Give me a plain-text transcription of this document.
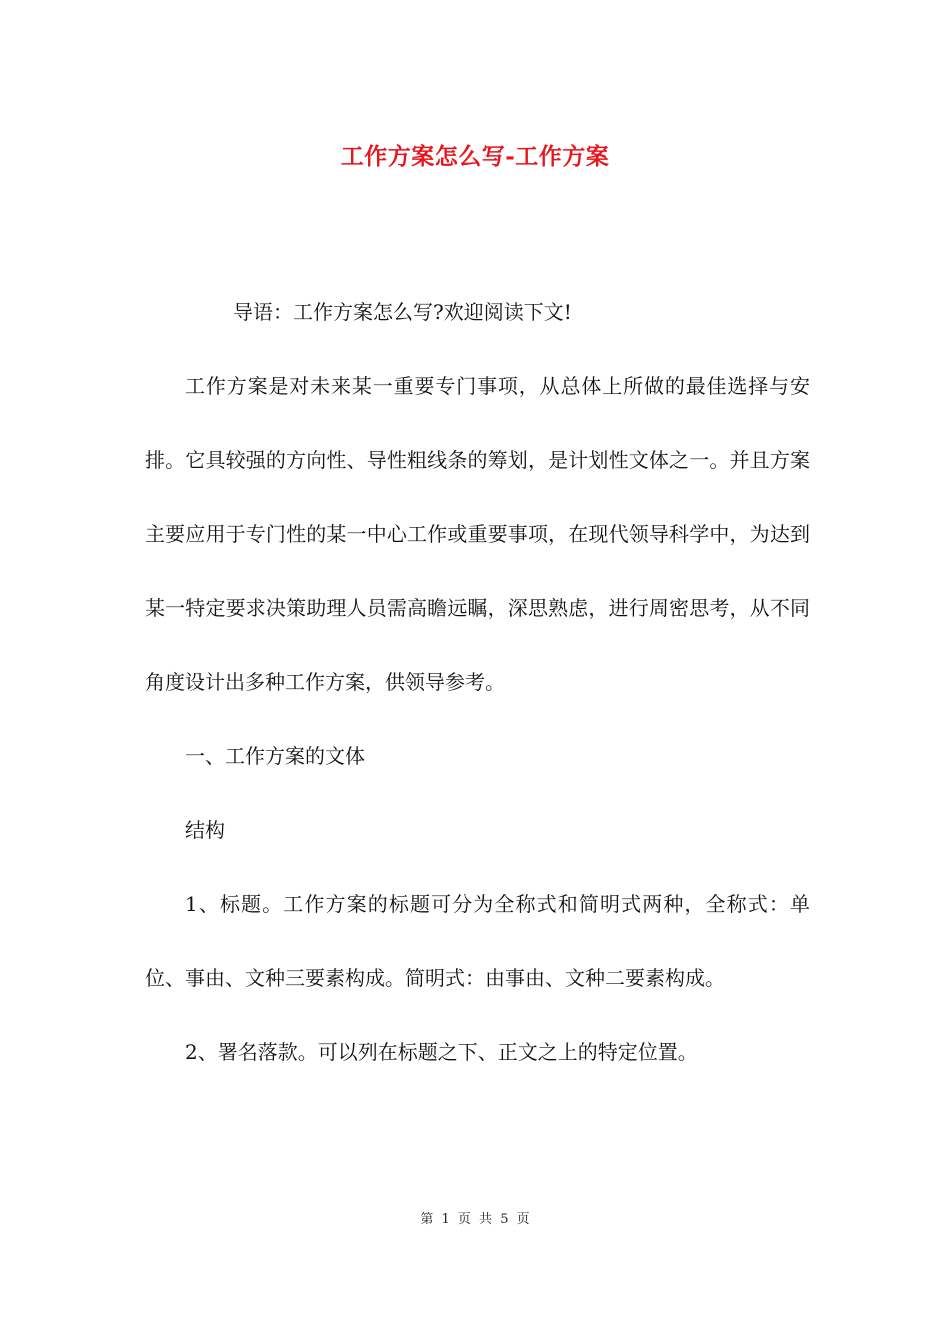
工作方案怎么写-工作方案

导语：工作方案怎么写?欢迎阅读下文!

工作方案是对未来某一重要专门事项，从总体上所做的最佳选择与安排。它具较强的方向性、导性粗线条的筹划，是计划性文体之一。并且方案主要应用于专门性的某一中心工作或重要事项，在现代领导科学中，为达到某一特定要求决策助理人员需高瞻远瞩，深思熟虑，进行周密思考，从不同角度设计出多种工作方案，供领导参考。

一、工作方案的文体

结构

1、标题。工作方案的标题可分为全称式和简明式两种，全称式：单位、事由、文种三要素构成。简明式：由事由、文种二要素构成。

2、署名落款。可以列在标题之下、正文之上的特定位置。

第 1 页 共 5 页
